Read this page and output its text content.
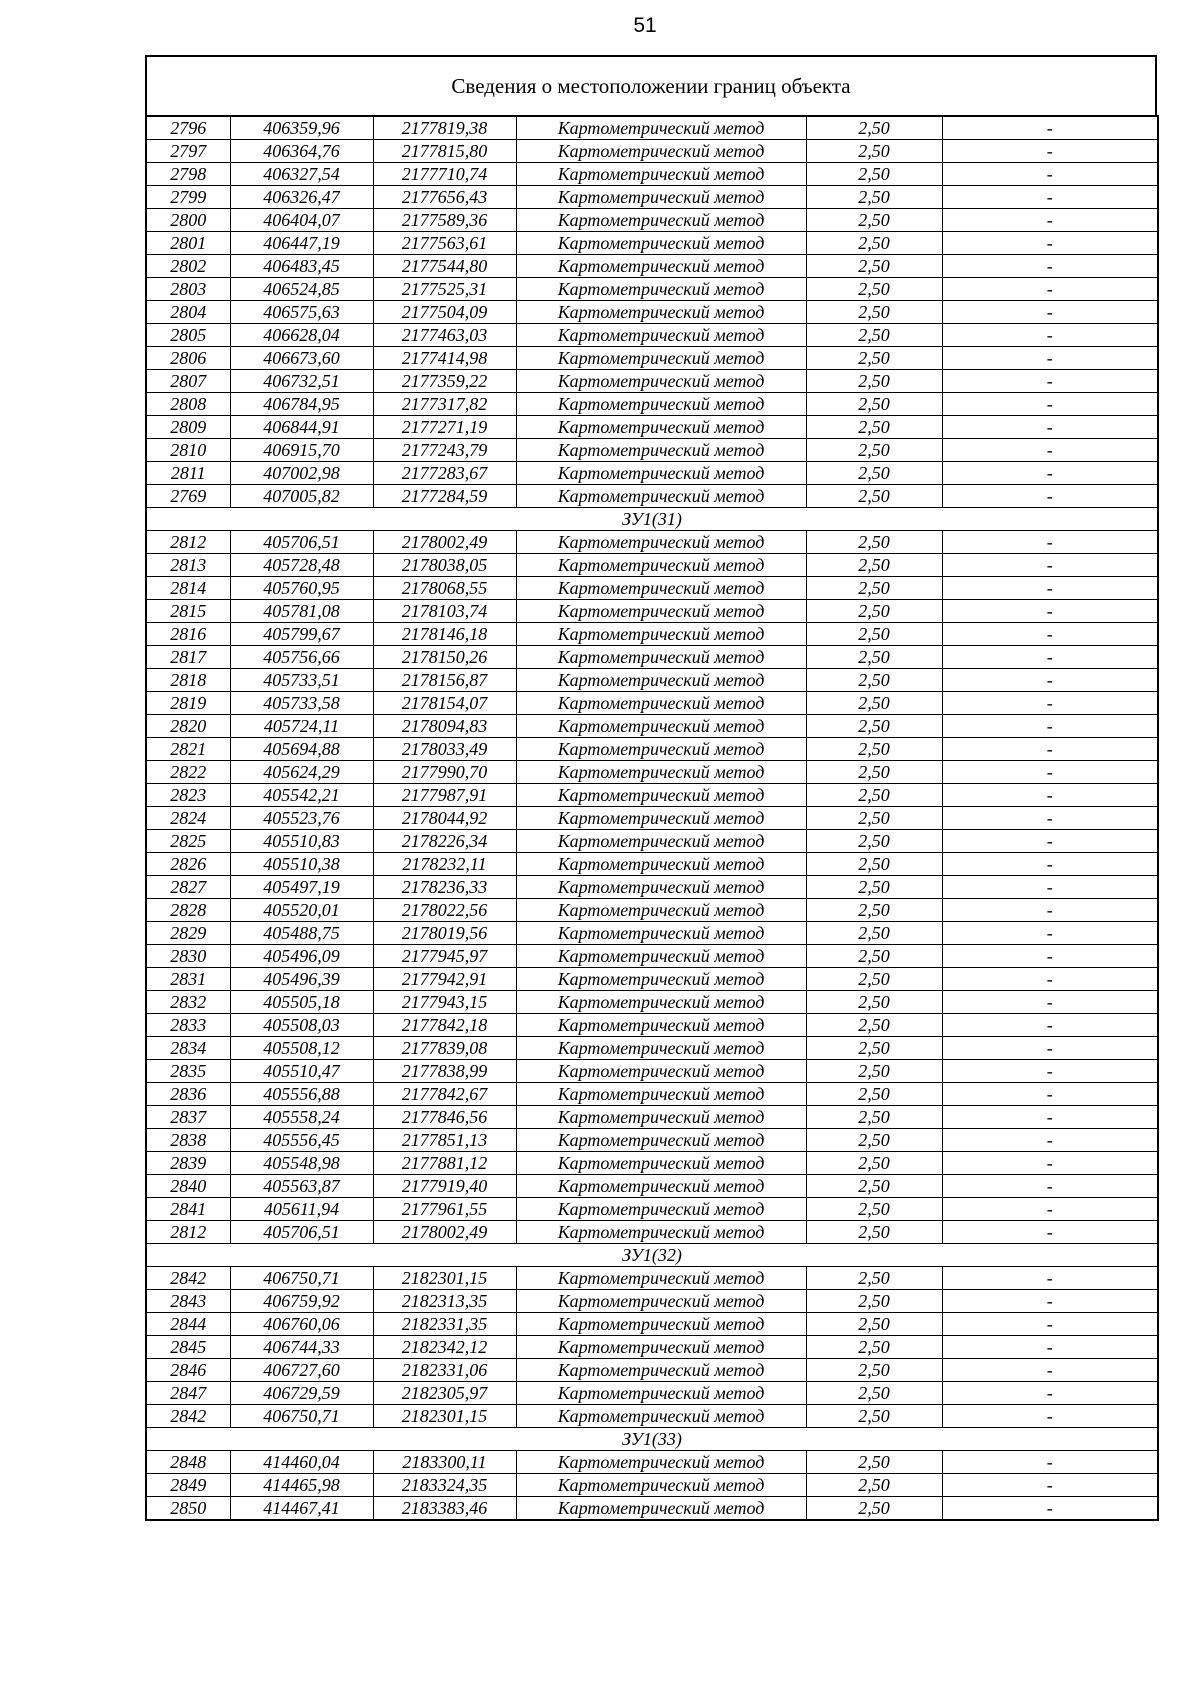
51
Сведения о местоположении границ объекта
2796	406359,96	2177819,38	Картометрический метод	2,50	-
2797	406364,76	2177815,80	Картометрический метод	2,50	-
2798	406327,54	2177710,74	Картометрический метод	2,50	-
2799	406326,47	2177656,43	Картометрический метод	2,50	-
2800	406404,07	2177589,36	Картометрический метод	2,50	-
2801	406447,19	2177563,61	Картометрический метод	2,50	-
2802	406483,45	2177544,80	Картометрический метод	2,50	-
2803	406524,85	2177525,31	Картометрический метод	2,50	-
2804	406575,63	2177504,09	Картометрический метод	2,50	-
2805	406628,04	2177463,03	Картометрический метод	2,50	-
2806	406673,60	2177414,98	Картометрический метод	2,50	-
2807	406732,51	2177359,22	Картометрический метод	2,50	-
2808	406784,95	2177317,82	Картометрический метод	2,50	-
2809	406844,91	2177271,19	Картометрический метод	2,50	-
2810	406915,70	2177243,79	Картометрический метод	2,50	-
2811	407002,98	2177283,67	Картометрический метод	2,50	-
2769	407005,82	2177284,59	Картометрический метод	2,50	-
ЗУ1(31)					
2812	405706,51	2178002,49	Картометрический метод	2,50	-
2813	405728,48	2178038,05	Картометрический метод	2,50	-
2814	405760,95	2178068,55	Картометрический метод	2,50	-
2815	405781,08	2178103,74	Картометрический метод	2,50	-
2816	405799,67	2178146,18	Картометрический метод	2,50	-
2817	405756,66	2178150,26	Картометрический метод	2,50	-
2818	405733,51	2178156,87	Картометрический метод	2,50	-
2819	405733,58	2178154,07	Картометрический метод	2,50	-
2820	405724,11	2178094,83	Картометрический метод	2,50	-
2821	405694,88	2178033,49	Картометрический метод	2,50	-
2822	405624,29	2177990,70	Картометрический метод	2,50	-
2823	405542,21	2177987,91	Картометрический метод	2,50	-
2824	405523,76	2178044,92	Картометрический метод	2,50	-
2825	405510,83	2178226,34	Картометрический метод	2,50	-
2826	405510,38	2178232,11	Картометрический метод	2,50	-
2827	405497,19	2178236,33	Картометрический метод	2,50	-
2828	405520,01	2178022,56	Картометрический метод	2,50	-
2829	405488,75	2178019,56	Картометрический метод	2,50	-
2830	405496,09	2177945,97	Картометрический метод	2,50	-
2831	405496,39	2177942,91	Картометрический метод	2,50	-
2832	405505,18	2177943,15	Картометрический метод	2,50	-
2833	405508,03	2177842,18	Картометрический метод	2,50	-
2834	405508,12	2177839,08	Картометрический метод	2,50	-
2835	405510,47	2177838,99	Картометрический метод	2,50	-
2836	405556,88	2177842,67	Картометрический метод	2,50	-
2837	405558,24	2177846,56	Картометрический метод	2,50	-
2838	405556,45	2177851,13	Картометрический метод	2,50	-
2839	405548,98	2177881,12	Картометрический метод	2,50	-
2840	405563,87	2177919,40	Картометрический метод	2,50	-
2841	405611,94	2177961,55	Картометрический метод	2,50	-
2812	405706,51	2178002,49	Картометрический метод	2,50	-
ЗУ1(32)					
2842	406750,71	2182301,15	Картометрический метод	2,50	-
2843	406759,92	2182313,35	Картометрический метод	2,50	-
2844	406760,06	2182331,35	Картометрический метод	2,50	-
2845	406744,33	2182342,12	Картометрический метод	2,50	-
2846	406727,60	2182331,06	Картометрический метод	2,50	-
2847	406729,59	2182305,97	Картометрический метод	2,50	-
2842	406750,71	2182301,15	Картометрический метод	2,50	-
ЗУ1(33)					
2848	414460,04	2183300,11	Картометрический метод	2,50	-
2849	414465,98	2183324,35	Картометрический метод	2,50	-
2850	414467,41	2183383,46	Картометрический метод	2,50	-
